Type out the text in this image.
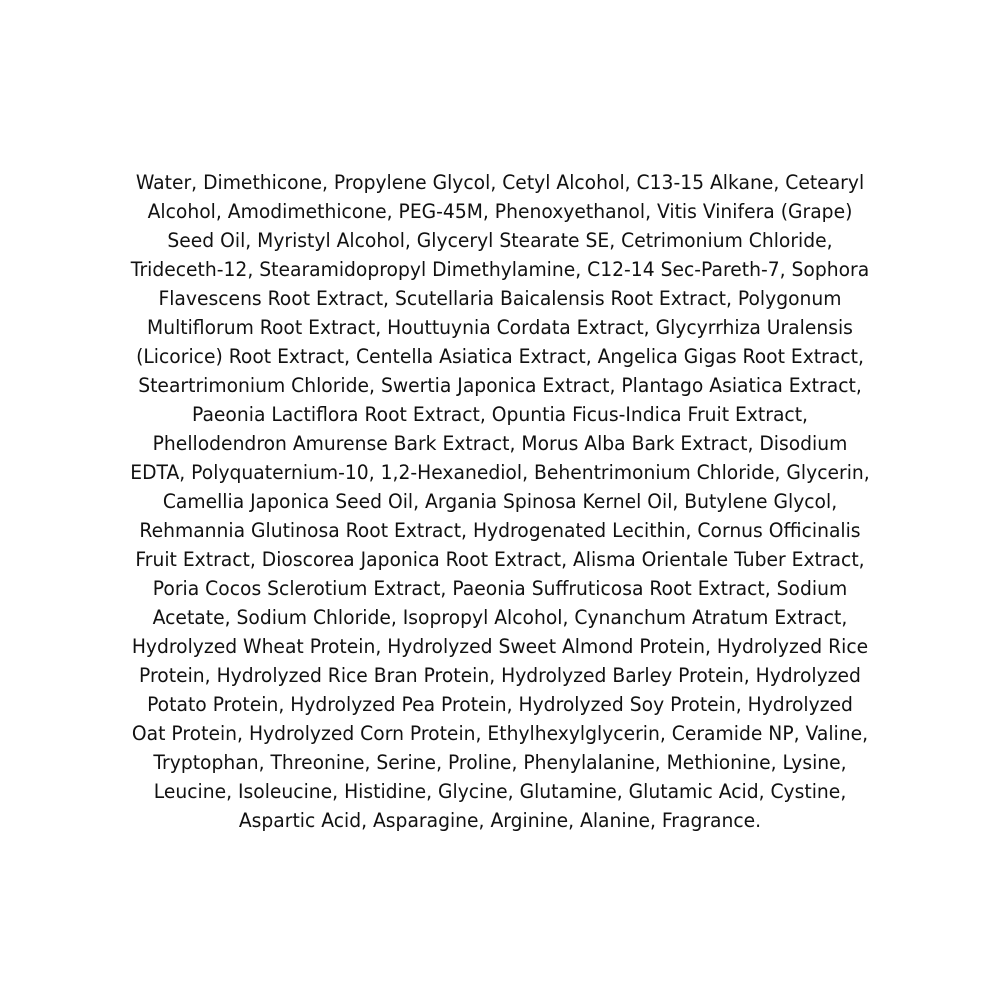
Water, Dimethicone, Propylene Glycol, Cetyl Alcohol, C13-15 Alkane, Cetearyl
Alcohol, Amodimethicone, PEG-45M, Phenoxyethanol, Vitis Vinifera (Grape)
Seed Oil, Myristyl Alcohol, Glyceryl Stearate SE, Cetrimonium Chloride,
Trideceth-12, Stearamidopropyl Dimethylamine, C12-14 Sec-Pareth-7, Sophora
Flavescens Root Extract, Scutellaria Baicalensis Root Extract, Polygonum
Multiflorum Root Extract, Houttuynia Cordata Extract, Glycyrrhiza Uralensis
(Licorice) Root Extract, Centella Asiatica Extract, Angelica Gigas Root Extract,
Steartrimonium Chloride, Swertia Japonica Extract, Plantago Asiatica Extract,
Paeonia Lactiflora Root Extract, Opuntia Ficus-Indica Fruit Extract,
Phellodendron Amurense Bark Extract, Morus Alba Bark Extract, Disodium
EDTA, Polyquaternium-10, 1,2-Hexanediol, Behentrimonium Chloride, Glycerin,
Camellia Japonica Seed Oil, Argania Spinosa Kernel Oil, Butylene Glycol,
Rehmannia Glutinosa Root Extract, Hydrogenated Lecithin, Cornus Officinalis
Fruit Extract, Dioscorea Japonica Root Extract, Alisma Orientale Tuber Extract,
Poria Cocos Sclerotium Extract, Paeonia Suffruticosa Root Extract, Sodium
Acetate, Sodium Chloride, Isopropyl Alcohol, Cynanchum Atratum Extract,
Hydrolyzed Wheat Protein, Hydrolyzed Sweet Almond Protein, Hydrolyzed Rice
Protein, Hydrolyzed Rice Bran Protein, Hydrolyzed Barley Protein, Hydrolyzed
Potato Protein, Hydrolyzed Pea Protein, Hydrolyzed Soy Protein, Hydrolyzed
Oat Protein, Hydrolyzed Corn Protein, Ethylhexylglycerin, Ceramide NP, Valine,
Tryptophan, Threonine, Serine, Proline, Phenylalanine, Methionine, Lysine,
Leucine, Isoleucine, Histidine, Glycine, Glutamine, Glutamic Acid, Cystine,
Aspartic Acid, Asparagine, Arginine, Alanine, Fragrance.
